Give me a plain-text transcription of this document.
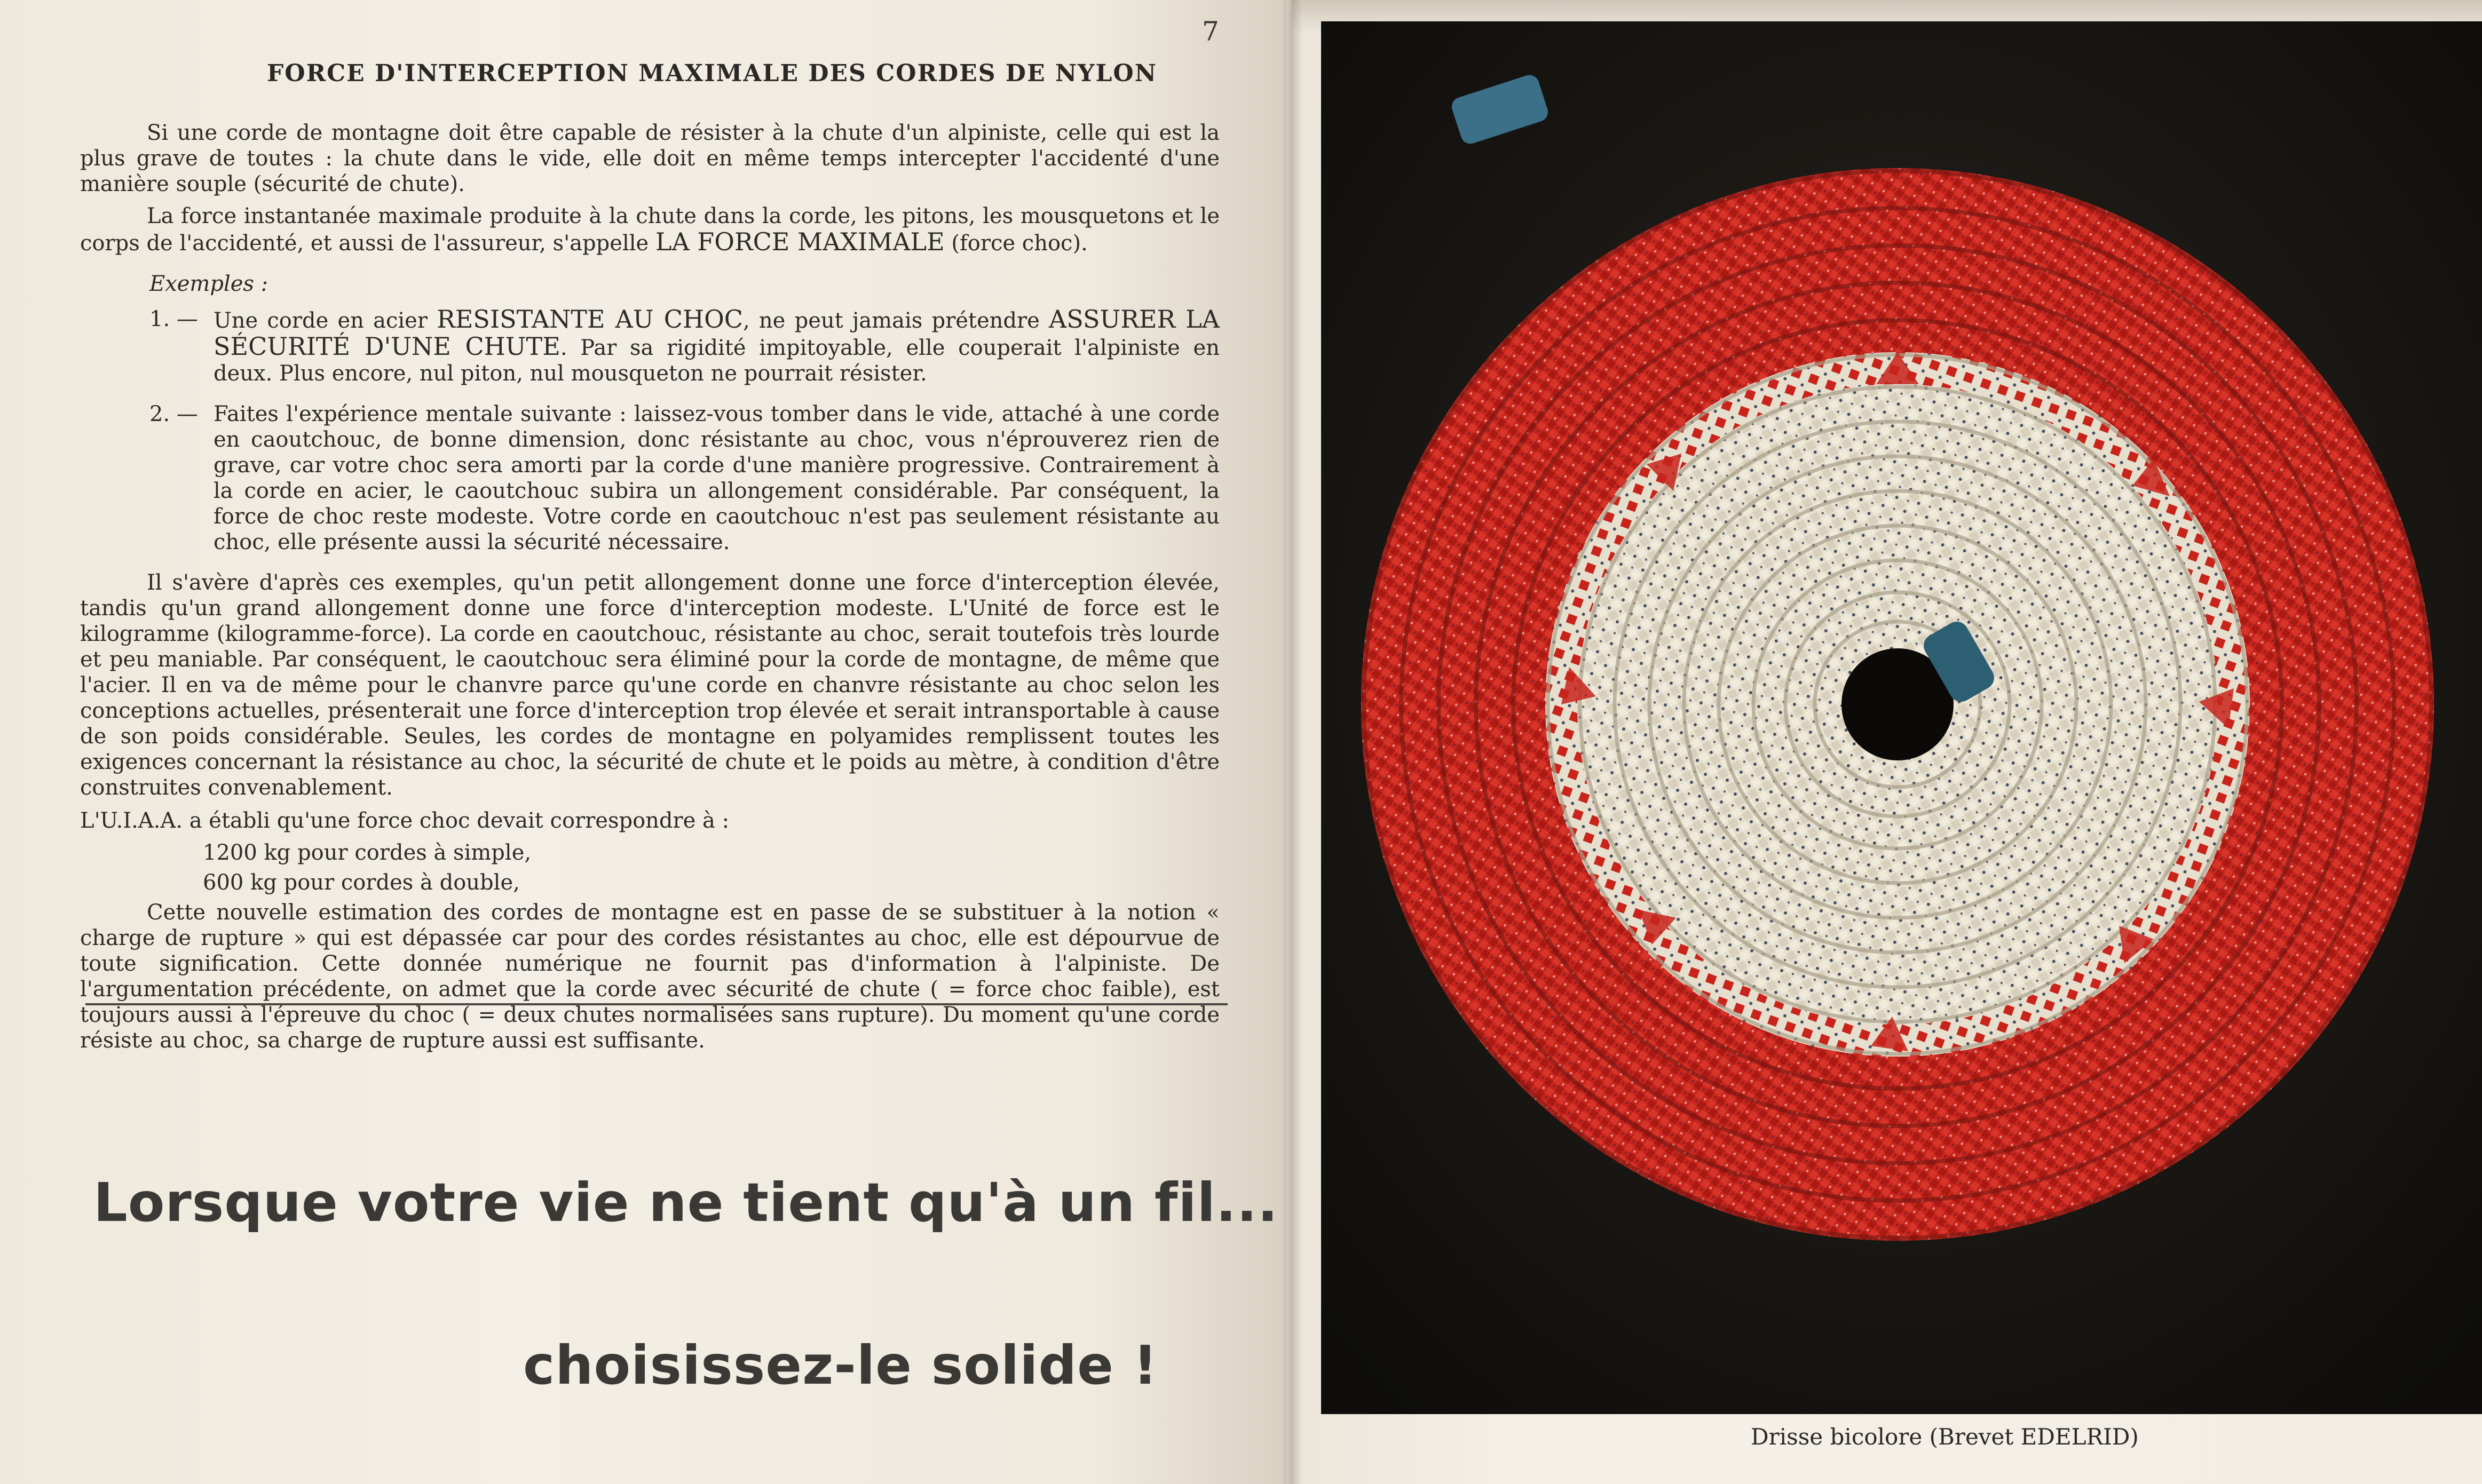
7
FORCE D'INTERCEPTION MAXIMALE DES CORDES DE NYLON

Si une corde de montagne doit être capable de résister à la chute d'un alpiniste, celle qui est la plus grave de toutes : la chute dans le vide, elle doit en même temps intercepter l'accidenté d'une manière souple (sécurité de chute).

La force instantanée maximale produite à la chute dans la corde, les pitons, les mousquetons et le corps de l'accidenté, et aussi de l'assureur, s'appelle LA FORCE MAXIMALE (force choc).

Exemples :

1. — Une corde en acier RESISTANTE AU CHOC, ne peut jamais prétendre ASSURER LA SÉCURITÉ D'UNE CHUTE. Par sa rigidité impitoyable, elle couperait l'alpiniste en deux. Plus encore, nul piton, nul mousqueton ne pourrait résister.
2. — Faites l'expérience mentale suivante : laissez-vous tomber dans le vide, attaché à une corde en caoutchouc, de bonne dimension, donc résistante au choc, vous n'éprouverez rien de grave, car votre choc sera amorti par la corde d'une manière progressive. Contrairement à la corde en acier, le caoutchouc subira un allongement considérable. Par conséquent, la force de choc reste modeste. Votre corde en caoutchouc n'est pas seulement résistante au choc, elle présente aussi la sécurité nécessaire.

Il s'avère d'après ces exemples, qu'un petit allongement donne une force d'interception élevée, tandis qu'un grand allongement donne une force d'interception modeste. L'Unité de force est le kilogramme (kilogramme-force). La corde en caoutchouc, résistante au choc, serait toutefois très lourde et peu maniable. Par conséquent, le caoutchouc sera éliminé pour la corde de montagne, de même que l'acier. Il en va de même pour le chanvre parce qu'une corde en chanvre résistante au choc selon les conceptions actuelles, présenterait une force d'interception trop élevée et serait intransportable à cause de son poids considérable. Seules, les cordes de montagne en polyamides remplissent toutes les exigences concernant la résistance au choc, la sécurité de chute et le poids au mètre, à condition d'être construites convenablement.

L'U.I.A.A. a établi qu'une force choc devait correspondre à :

1200 kg pour cordes à simple,

600 kg pour cordes à double,

Cette nouvelle estimation des cordes de montagne est en passe de se substituer à la notion « charge de rupture » qui est dépassée car pour des cordes résistantes au choc, elle est dépourvue de toute signification. Cette donnée numérique ne fournit pas d'information à l'alpiniste. De l'argumentation précédente, on admet que la corde avec sécurité de chute ( = force choc faible), est toujours aussi à l'épreuve du choc ( = deux chutes normalisées sans rupture). Du moment qu'une corde résiste au choc, sa charge de rupture aussi est suffisante.

Lorsque votre vie ne tient qu'à un fil...
choisissez-le solide !
Drisse bicolore (Brevet EDELRID)
